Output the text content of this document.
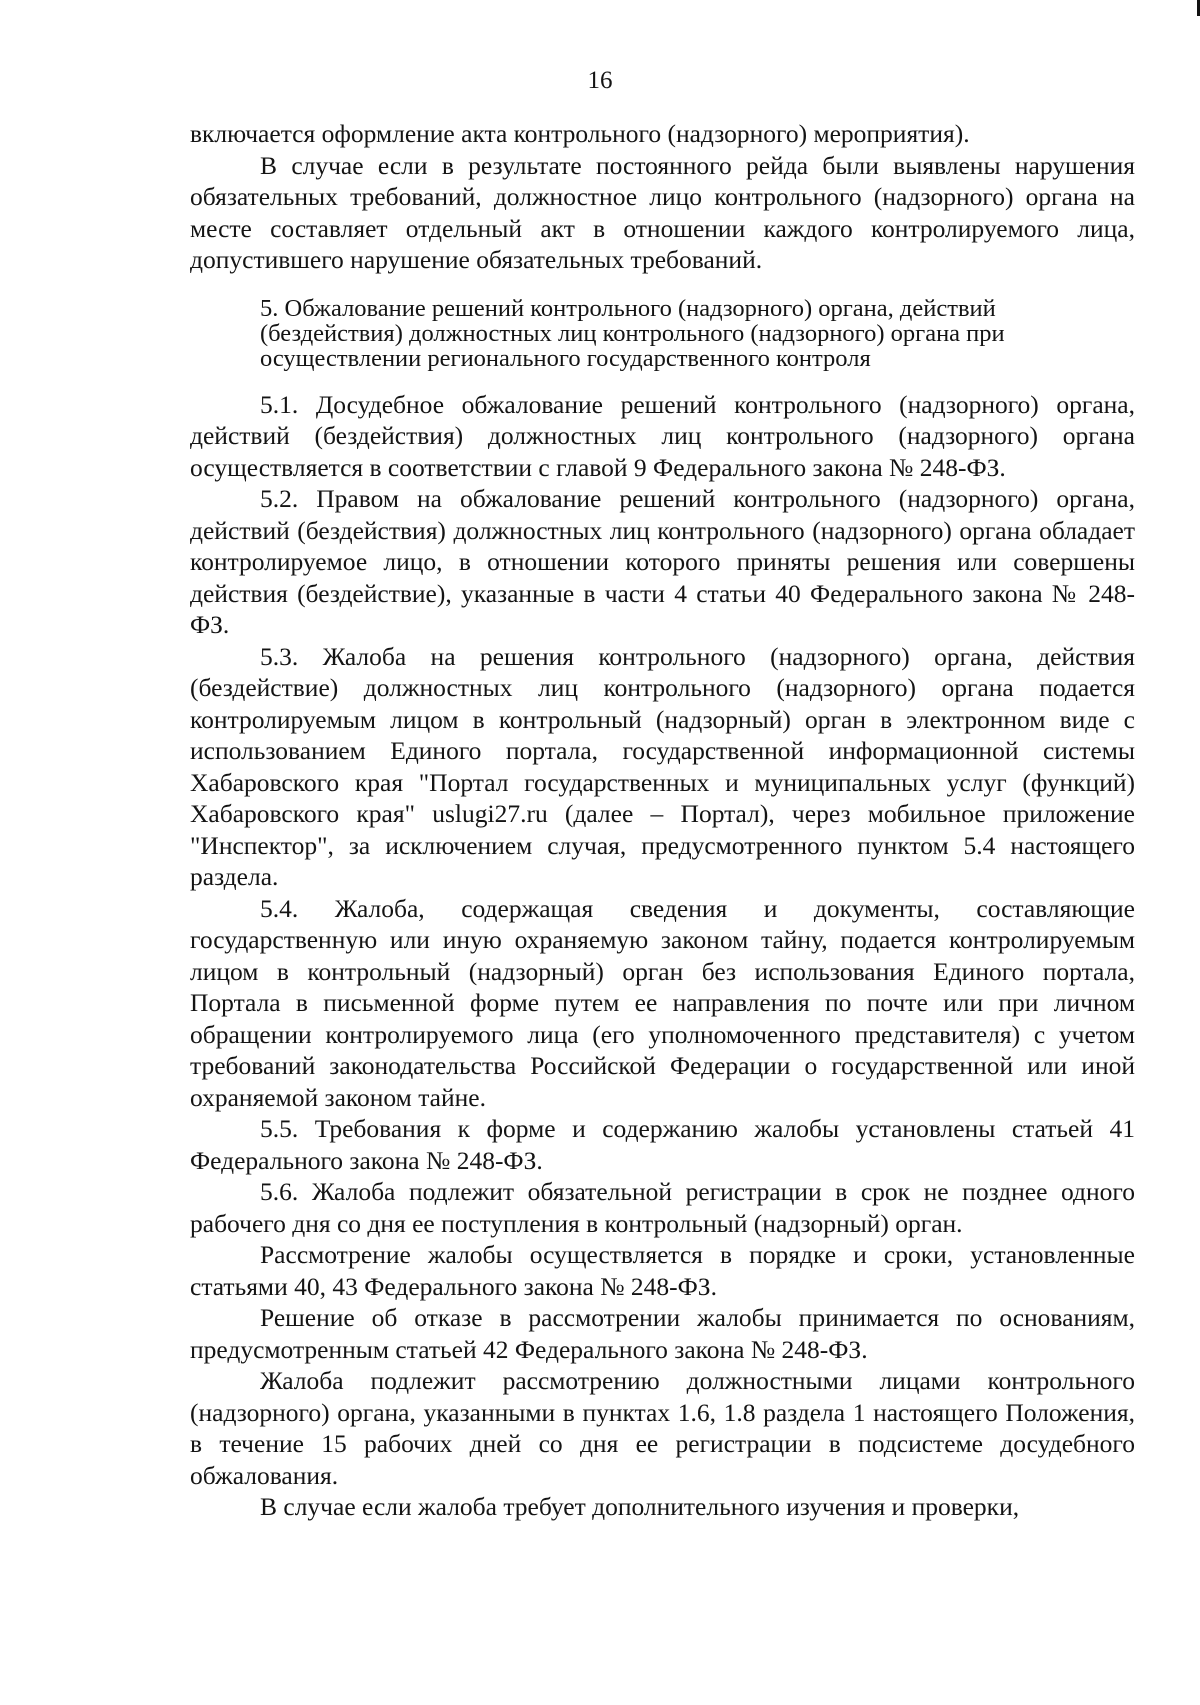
16

включается оформление акта контрольного (надзорного) мероприятия).

В случае если в результате постоянного рейда были выявлены нарушения обязательных требований, должностное лицо контрольного (надзорного) органа на месте составляет отдельный акт в отношении каждого контролируемого лица, допустившего нарушение обязательных требований.

5. Обжалование решений контрольного (надзорного) органа, действий (бездействия) должностных лиц контрольного (надзорного) органа при осуществлении регионального государственного контроля

5.1. Досудебное обжалование решений контрольного (надзорного) органа, действий (бездействия) должностных лиц контрольного (надзорного) органа осуществляется в соответствии с главой 9 Федерального закона № 248-ФЗ.

5.2. Правом на обжалование решений контрольного (надзорного) органа, действий (бездействия) должностных лиц контрольного (надзорного) органа обладает контролируемое лицо, в отношении которого приняты решения или совершены действия (бездействие), указанные в части 4 статьи 40 Федерального закона № 248-ФЗ.

5.3. Жалоба на решения контрольного (надзорного) органа, действия (бездействие) должностных лиц контрольного (надзорного) органа подается контролируемым лицом в контрольный (надзорный) орган в электронном виде с использованием Единого портала, государственной информационной системы Хабаровского края "Портал государственных и муниципальных услуг (функций) Хабаровского края" uslugi27.ru (далее – Портал), через мобильное приложение "Инспектор", за исключением случая, предусмотренного пунктом 5.4 настоящего раздела.

5.4. Жалоба, содержащая сведения и документы, составляющие государственную или иную охраняемую законом тайну, подается контролируемым лицом в контрольный (надзорный) орган без использования Единого портала, Портала в письменной форме путем ее направления по почте или при личном обращении контролируемого лица (его уполномоченного представителя) с учетом требований законодательства Российской Федерации о государственной или иной охраняемой законом тайне.

5.5. Требования к форме и содержанию жалобы установлены статьей 41 Федерального закона № 248-ФЗ.

5.6. Жалоба подлежит обязательной регистрации в срок не позднее одного рабочего дня со дня ее поступления в контрольный (надзорный) орган.

Рассмотрение жалобы осуществляется в порядке и сроки, установленные статьями 40, 43 Федерального закона № 248-ФЗ.

Решение об отказе в рассмотрении жалобы принимается по основаниям, предусмотренным статьей 42 Федерального закона № 248-ФЗ.

Жалоба подлежит рассмотрению должностными лицами контрольного (надзорного) органа, указанными в пунктах 1.6, 1.8 раздела 1 настоящего Положения, в течение 15 рабочих дней со дня ее регистрации в подсистеме досудебного обжалования.

В случае если жалоба требует дополнительного изучения и проверки,
